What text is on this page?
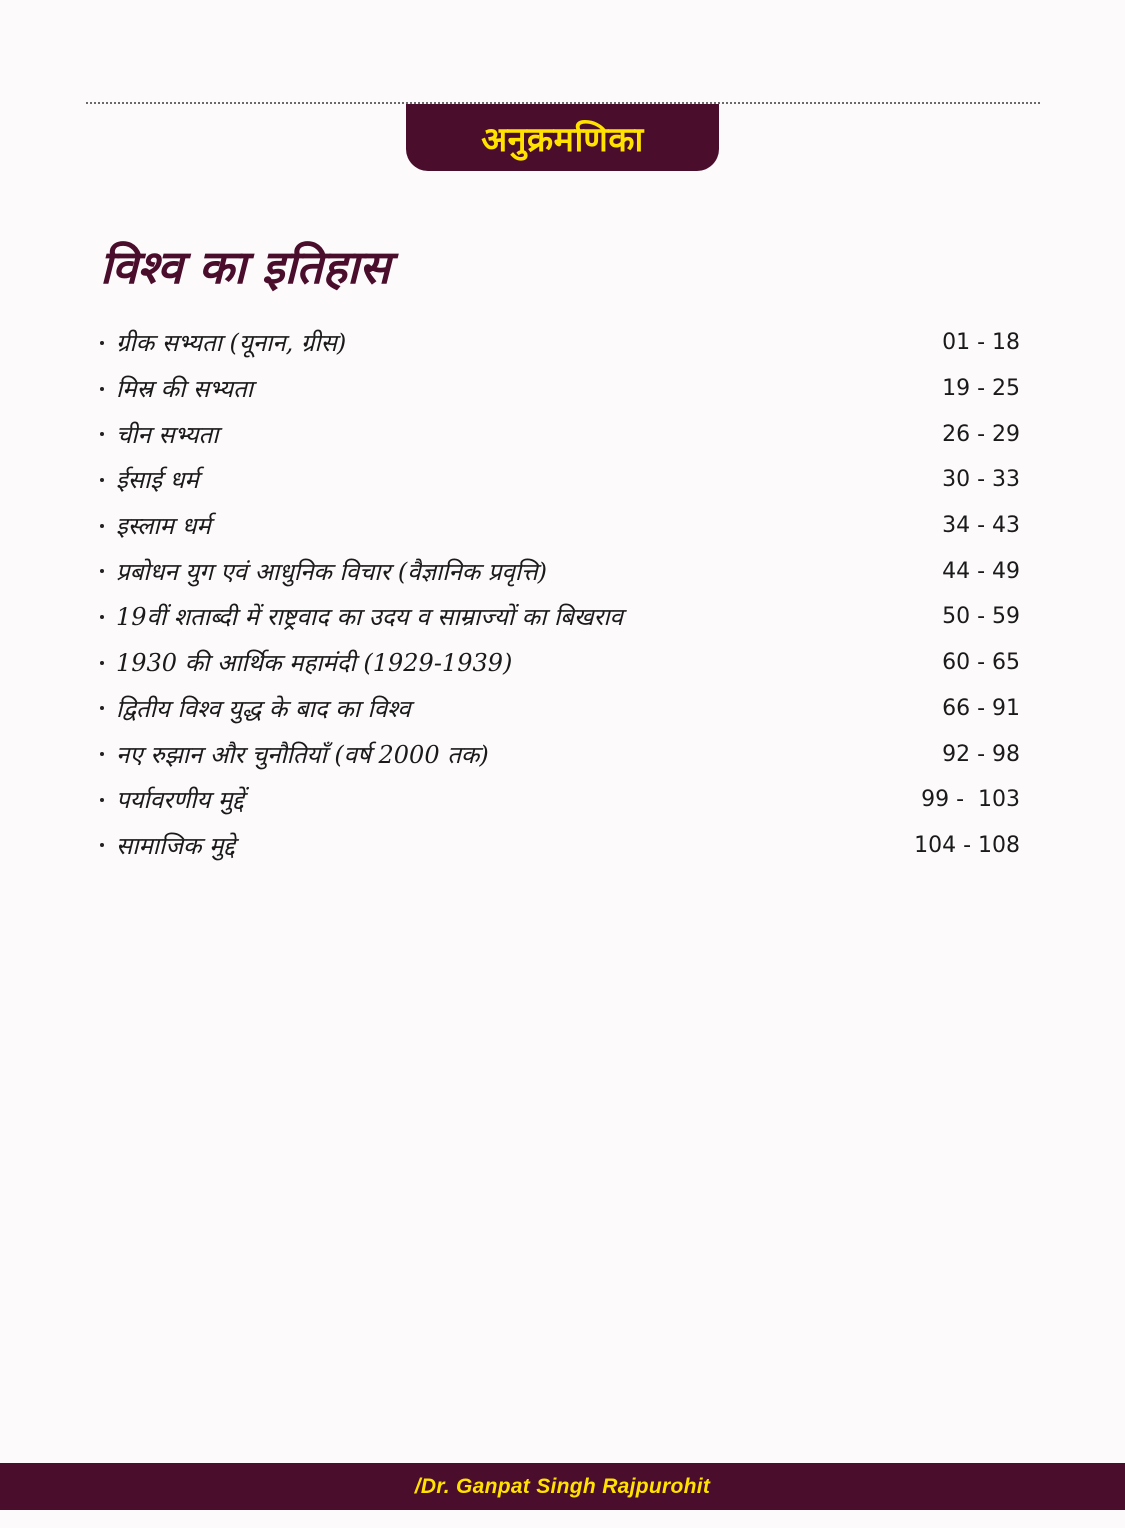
अनुक्रमणिका
विश्व का इतिहास
ग्रीक सभ्यता (यूनान, ग्रीस)	01 - 18
मिस्र की सभ्यता	19 - 25
चीन सभ्यता	26 - 29
ईसाई धर्म	30 - 33
इस्लाम धर्म	34 - 43
प्रबोधन युग एवं आधुनिक विचार (वैज्ञानिक प्रवृत्ति)	44 - 49
19वीं शताब्दी में राष्ट्रवाद का उदय व साम्राज्यों का बिखराव	50 - 59
1930 की आर्थिक महामंदी (1929-1939)	60 - 65
द्वितीय विश्व युद्ध के बाद का विश्व	66 - 91
नए रुझान और चुनौतियाँ (वर्ष 2000 तक)	92 - 98
पर्यावरणीय मुद्दें	99 -  103
सामाजिक मुद्दे	104 - 108
/Dr. Ganpat Singh Rajpurohit
